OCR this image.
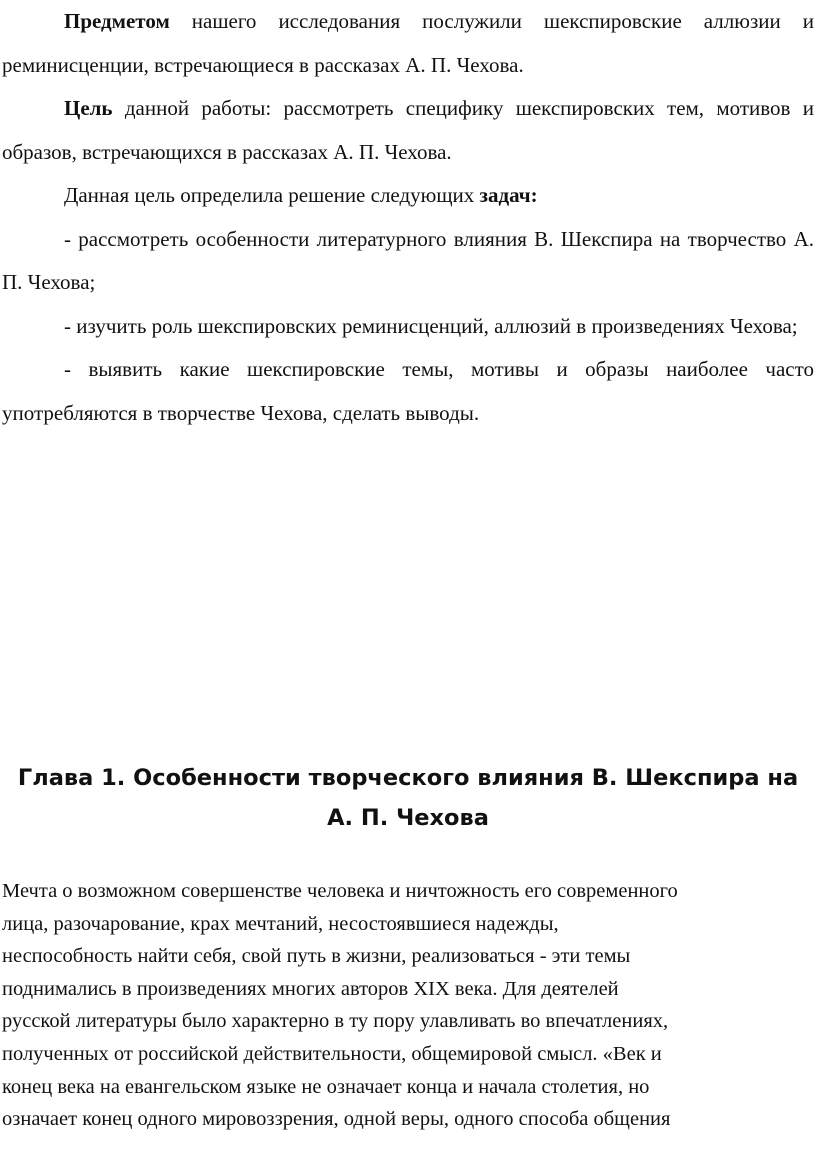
Предметом нашего исследования послужили шекспировские аллюзии и реминисценции, встречающиеся в рассказах А. П. Чехова.

Цель данной работы: рассмотреть специфику шекспировских тем, мотивов и образов, встречающихся в рассказах А. П. Чехова.

Данная цель определила решение следующих задач:

- рассмотреть особенности литературного влияния В. Шекспира на творчество А. П. Чехова;

- изучить роль шекспировских реминисценций, аллюзий в произведениях Чехова;

- выявить какие шекспировские темы, мотивы и образы наиболее часто употребляются в творчестве Чехова, сделать выводы.

Глава 1. Особенности творческого влияния В. Шекспира на
А. П. Чехова

Мечта о возможном совершенстве человека и ничтожность его современного
лица, разочарование, крах мечтаний, несостоявшиеся надежды,
неспособность найти себя, свой путь в жизни, реализоваться - эти темы
поднимались в произведениях многих авторов XIX века. Для деятелей
русской литературы было характерно в ту пору улавливать во впечатлениях,
полученных от российской действительности, общемировой смысл. «Век и
конец века на евангельском языке не означает конца и начала столетия, но
означает конец одного мировоззрения, одной веры, одного способа общения
